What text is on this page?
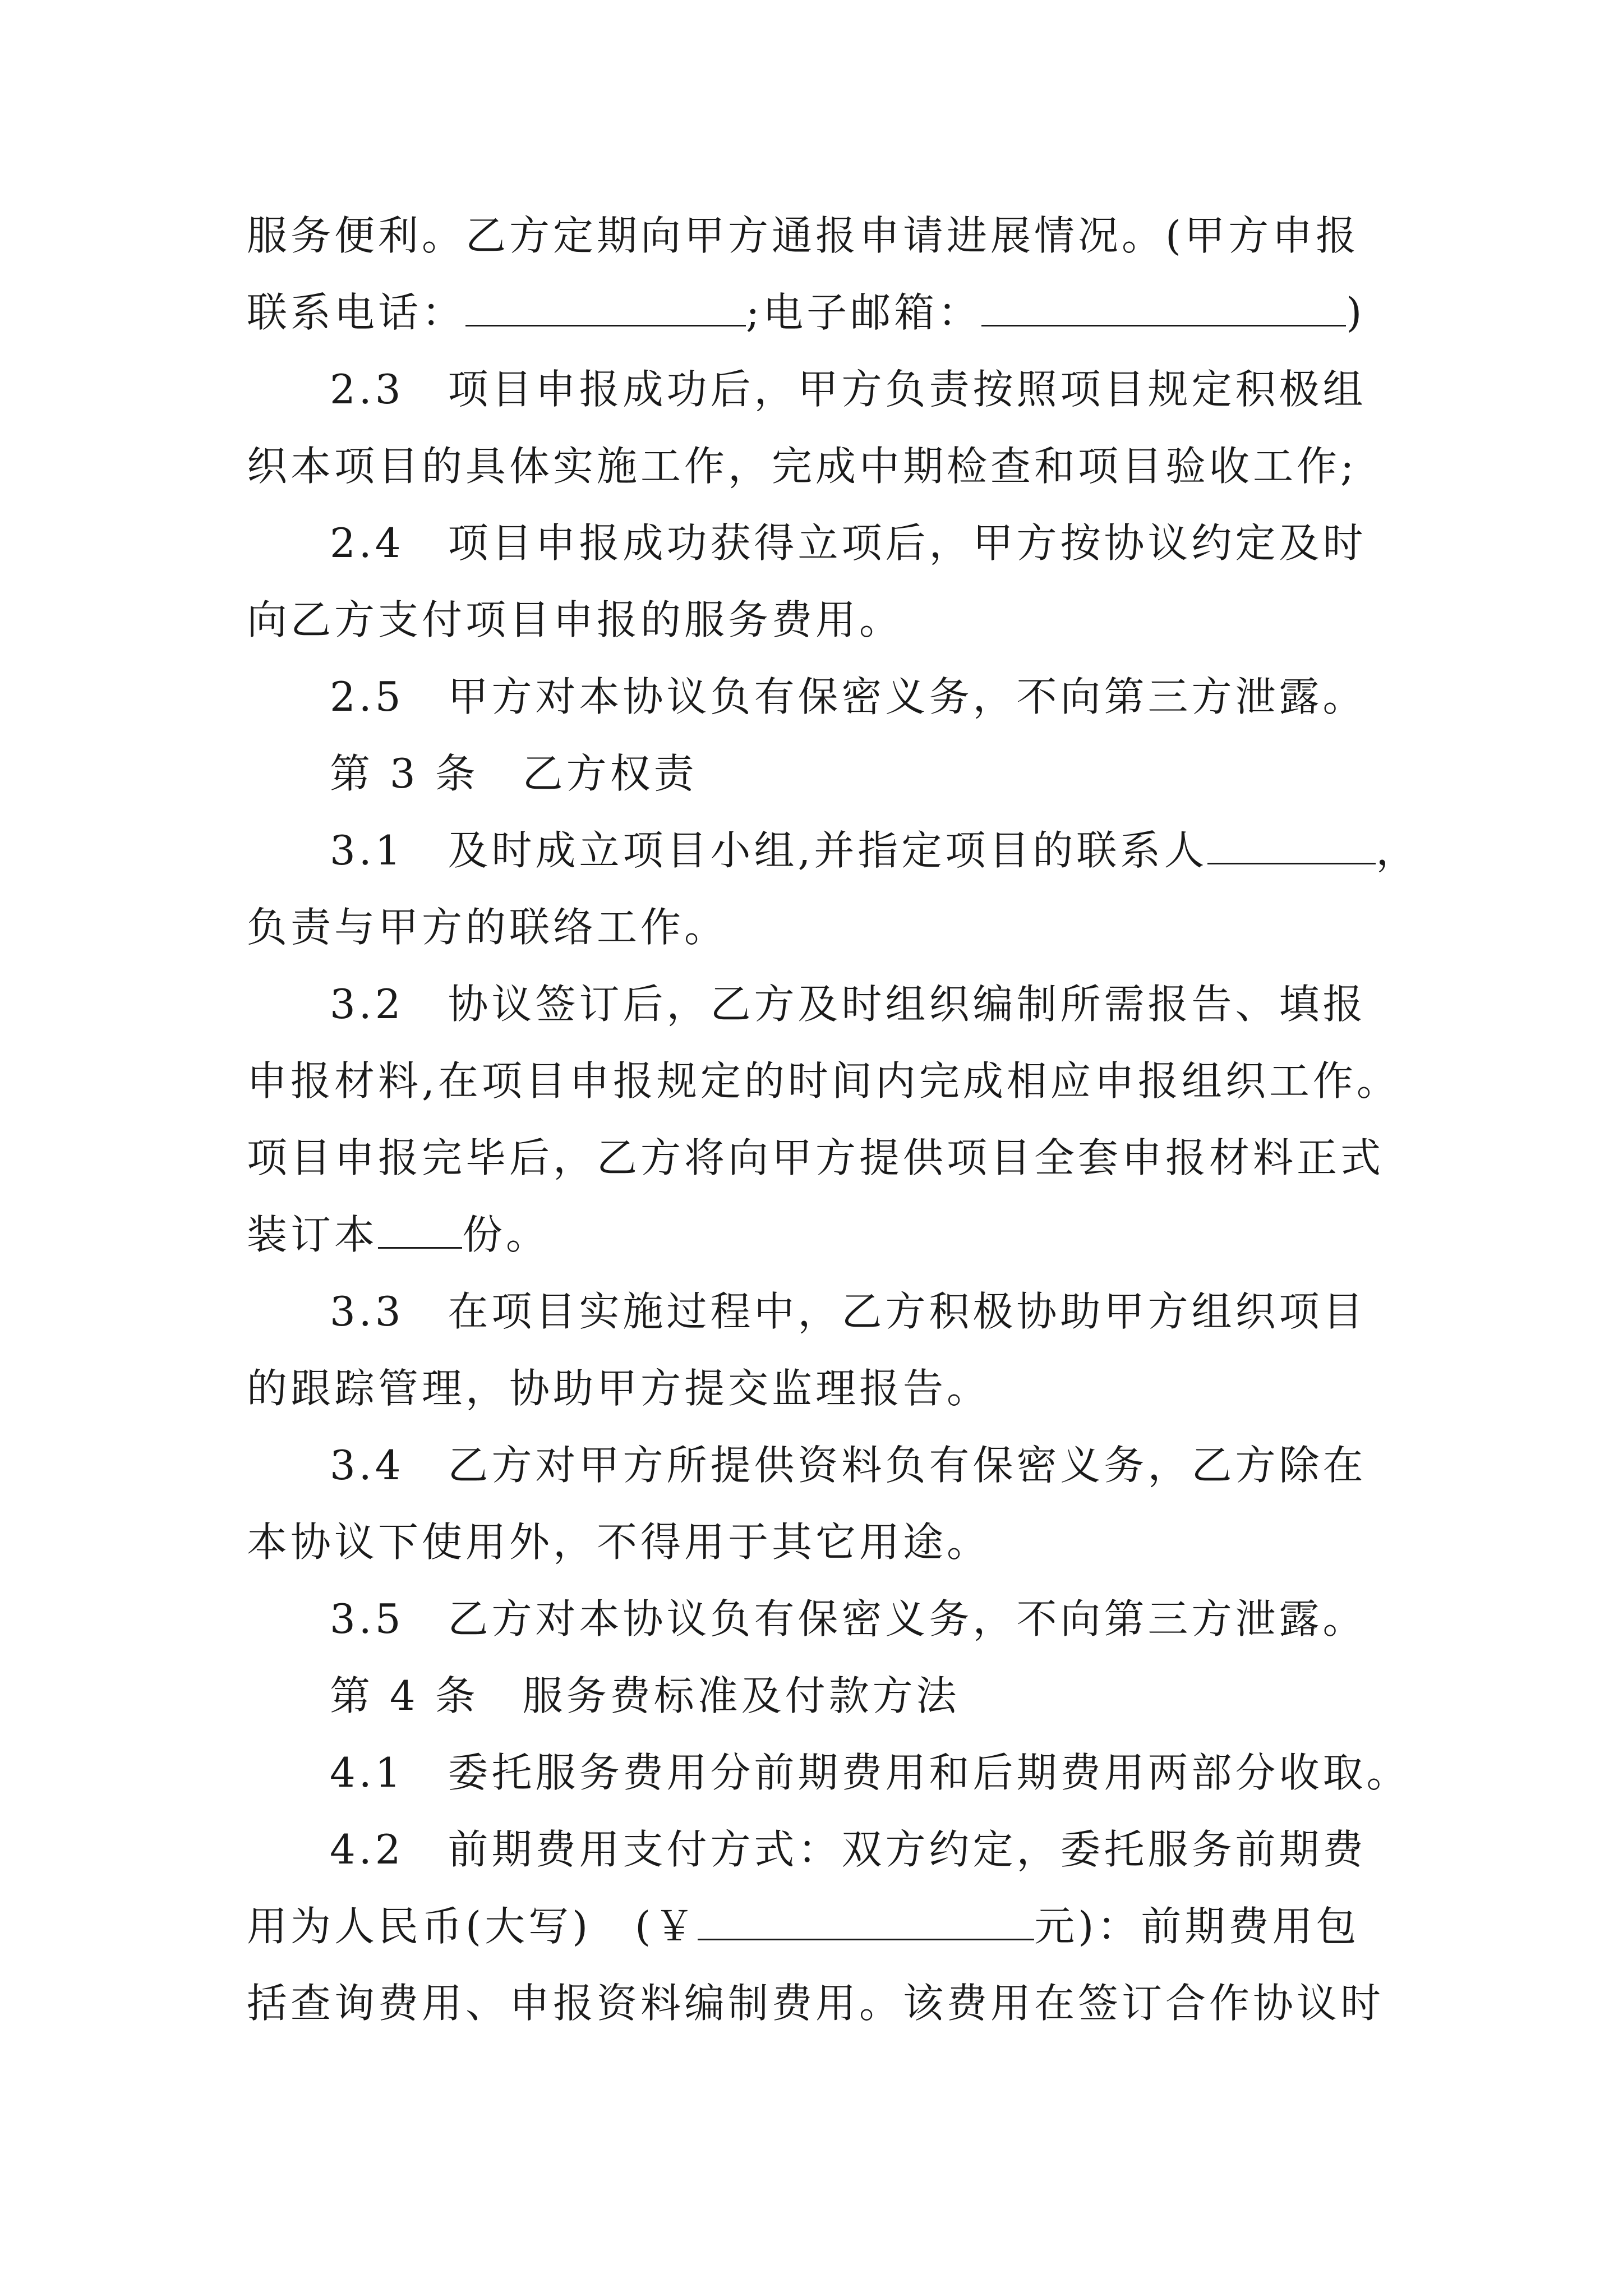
服务便利。乙方定期向甲方通报申请进展情况。(甲方申报
联系电话：	;电子邮箱：	)
2.3　项目申报成功后，甲方负责按照项目规定积极组
织本项目的具体实施工作，完成中期检查和项目验收工作;
2.4　项目申报成功获得立项后，甲方按协议约定及时
向乙方支付项目申报的服务费用。
2.5　甲方对本协议负有保密义务，不向第三方泄露。
第 3 条　乙方权责
3.1　及时成立项目小组,并指定项目的联系人	，
负责与甲方的联络工作。
3.2　协议签订后，乙方及时组织编制所需报告、填报
申报材料,在项目申报规定的时间内完成相应申报组织工作。
项目申报完毕后，乙方将向甲方提供项目全套申报材料正式
装订本 份。
3.3　在项目实施过程中，乙方积极协助甲方组织项目
的跟踪管理，协助甲方提交监理报告。
3.4　乙方对甲方所提供资料负有保密义务，乙方除在
本协议下使用外，不得用于其它用途。
3.5　乙方对本协议负有保密义务，不向第三方泄露。
第 4 条　服务费标准及付款方法
4.1　委托服务费用分前期费用和后期费用两部分收取。
4.2　前期费用支付方式：双方约定，委托服务前期费
用为人民币(大写)　(￥	元)：前期费用包
括查询费用、申报资料编制费用。该费用在签订合作协议时
